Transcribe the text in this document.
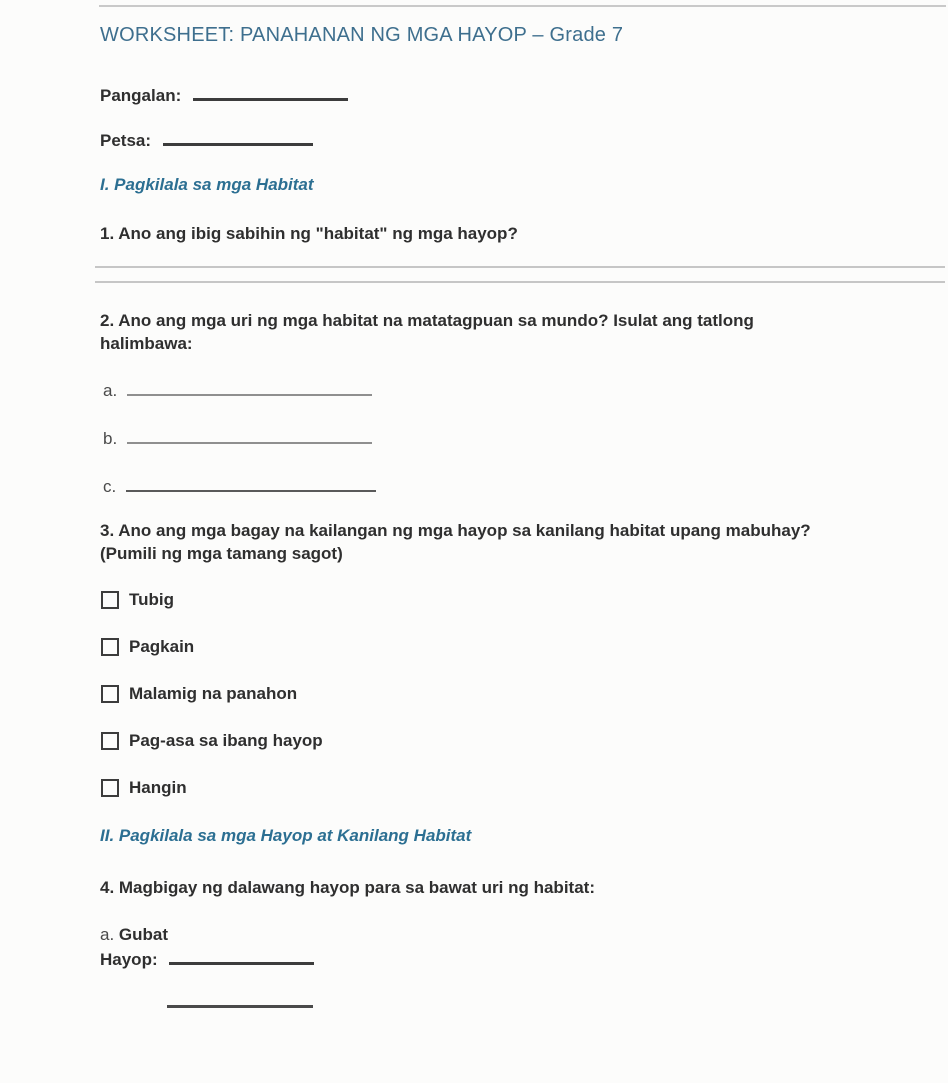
WORKSHEET: PANAHANAN NG MGA HAYOP – Grade 7
Pangalan:
Petsa:
I. Pagkilala sa mga Habitat
1. Ano ang ibig sabihin ng "habitat" ng mga hayop?
2. Ano ang mga uri ng mga habitat na matatagpuan sa mundo? Isulat ang tatlong
halimbawa:
a.
b.
c.
3. Ano ang mga bagay na kailangan ng mga hayop sa kanilang habitat upang mabuhay?
(Pumili ng mga tamang sagot)
Tubig
Pagkain
Malamig na panahon
Pag-asa sa ibang hayop
Hangin
II. Pagkilala sa mga Hayop at Kanilang Habitat
4. Magbigay ng dalawang hayop para sa bawat uri ng habitat:
a. Gubat
Hayop:
